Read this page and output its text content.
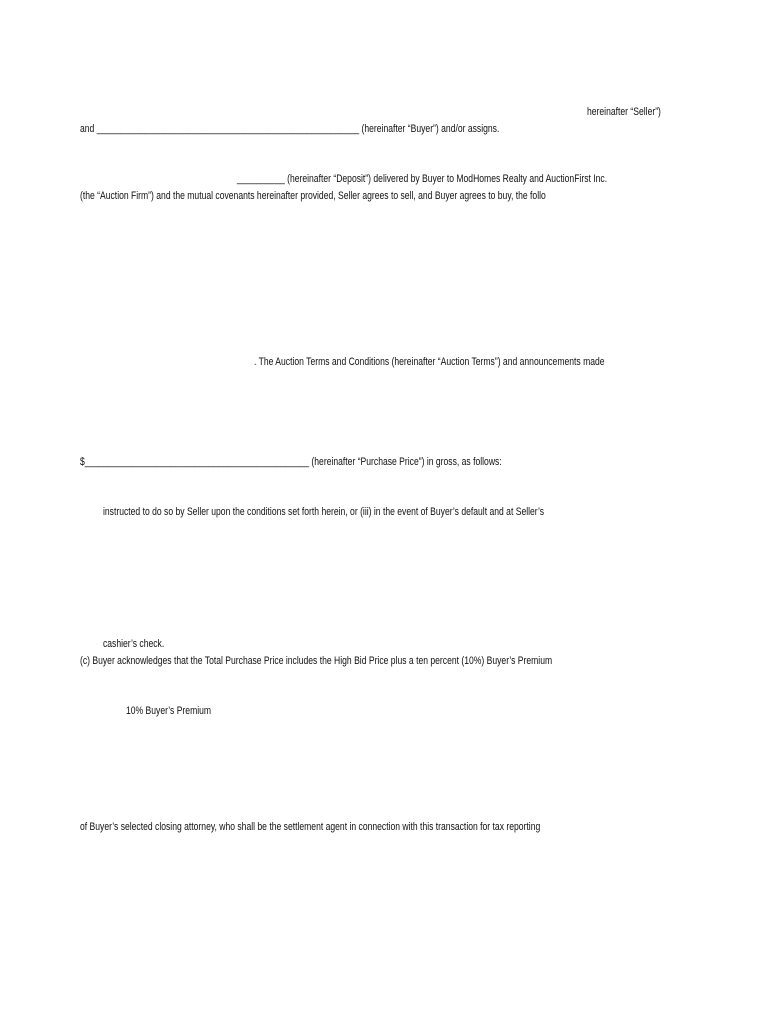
hereinafter “Seller”)

and _______________________________________________________ (hereinafter “Buyer”) and/or assigns.

__________ (hereinafter “Deposit”) delivered by Buyer to ModHomes Realty and AuctionFirst Inc.

(the “Auction Firm”) and the mutual covenants hereinafter provided, Seller agrees to sell, and Buyer agrees to buy, the follo

. The Auction Terms and Conditions (hereinafter “Auction Terms”) and announcements made

$_______________________________________________ (hereinafter “Purchase Price”) in gross, as follows:

instructed to do so by Seller upon the conditions set forth herein, or (iii) in the event of Buyer’s default and at Seller’s

cashier’s check.

(c) Buyer acknowledges that the Total Purchase Price includes the High Bid Price plus a ten percent (10%) Buyer’s Premium

10% Buyer’s Premium

of Buyer’s selected closing attorney, who shall be the settlement agent in connection with this transaction for tax reporting
